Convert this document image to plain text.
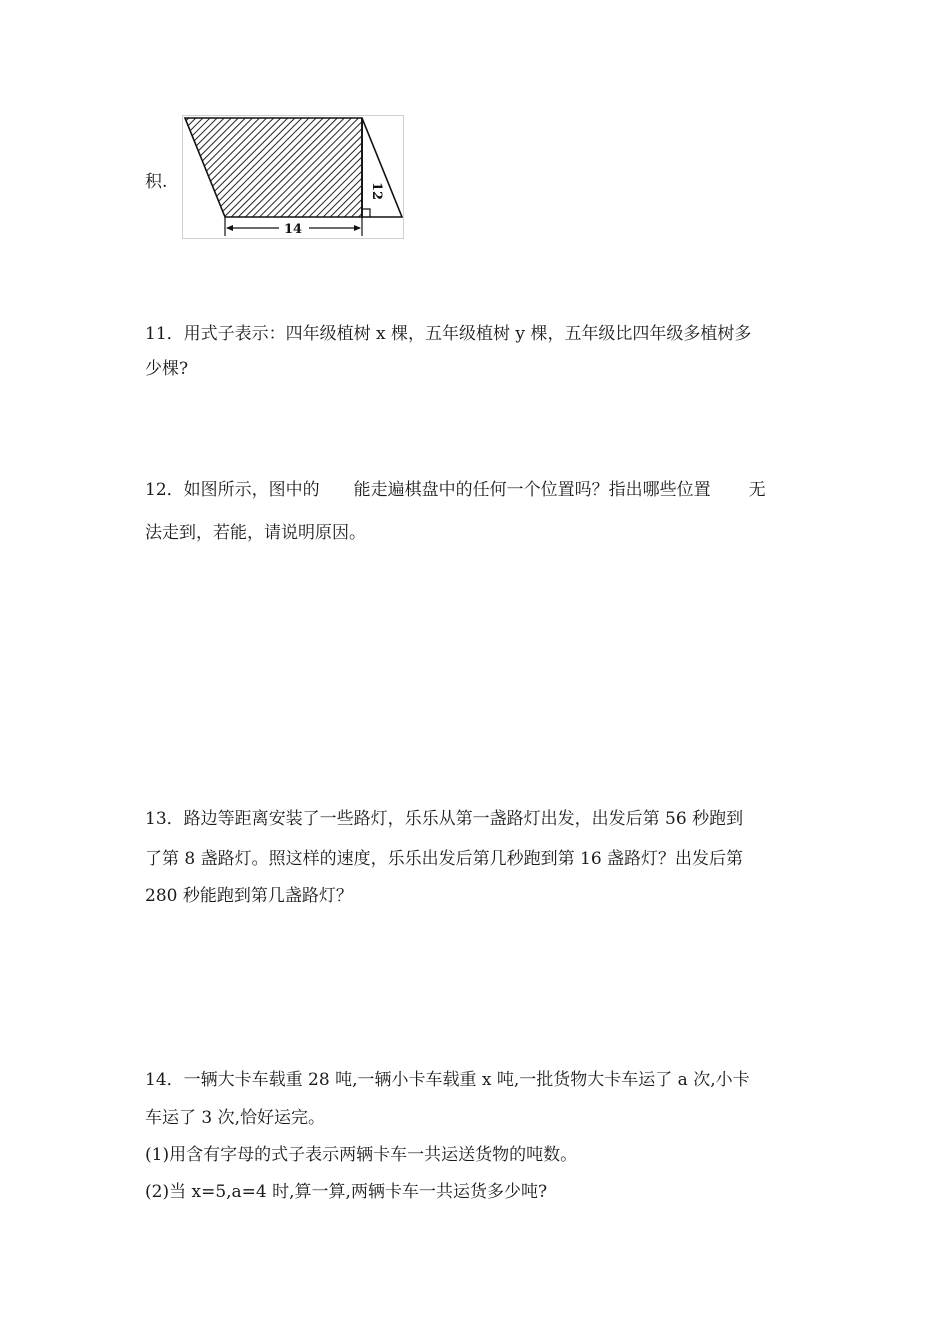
积.	12
14
11．用式子表示：四年级植树 x 棵，五年级植树 y 棵，五年级比四年级多植树多
少棵?
12．如图所示，图中的 能走遍棋盘中的任何一个位置吗？指出哪些位置 无
法走到，若能，请说明原因。
13．路边等距离安装了一些路灯，乐乐从第一盏路灯出发，出发后第 56 秒跑到
了第 8 盏路灯。照这样的速度，乐乐出发后第几秒跑到第 16 盏路灯？出发后第
280 秒能跑到第几盏路灯？
14．一辆大卡车载重 28 吨,一辆小卡车载重 x 吨,一批货物大卡车运了 a 次,小卡
车运了 3 次,恰好运完。
(1)用含有字母的式子表示两辆卡车一共运送货物的吨数。
(2)当 x=5,a=4 时,算一算,两辆卡车一共运货多少吨?
